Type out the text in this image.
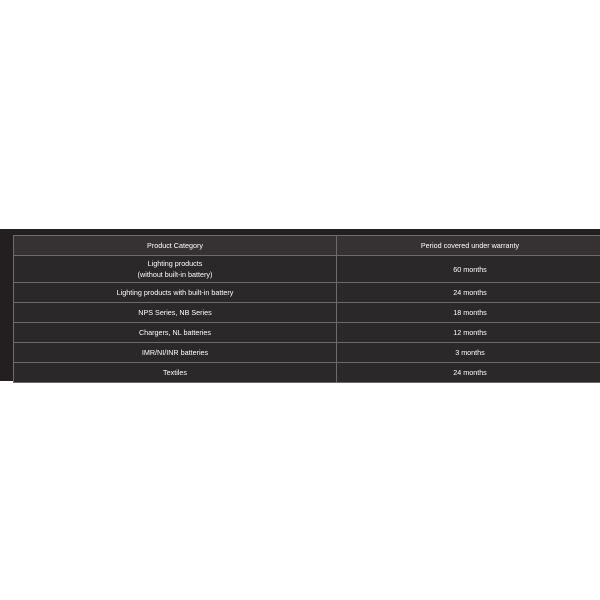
Product Category	Period covered under warranty

Lighting products
(without built-in battery)	60 months
Lighting products with built-in battery	24 months
NPS Series, NB Series	18 months
Chargers, NL batteries	12 months
IMR/NI/INR batteries	3 months
Textiles	24 months
